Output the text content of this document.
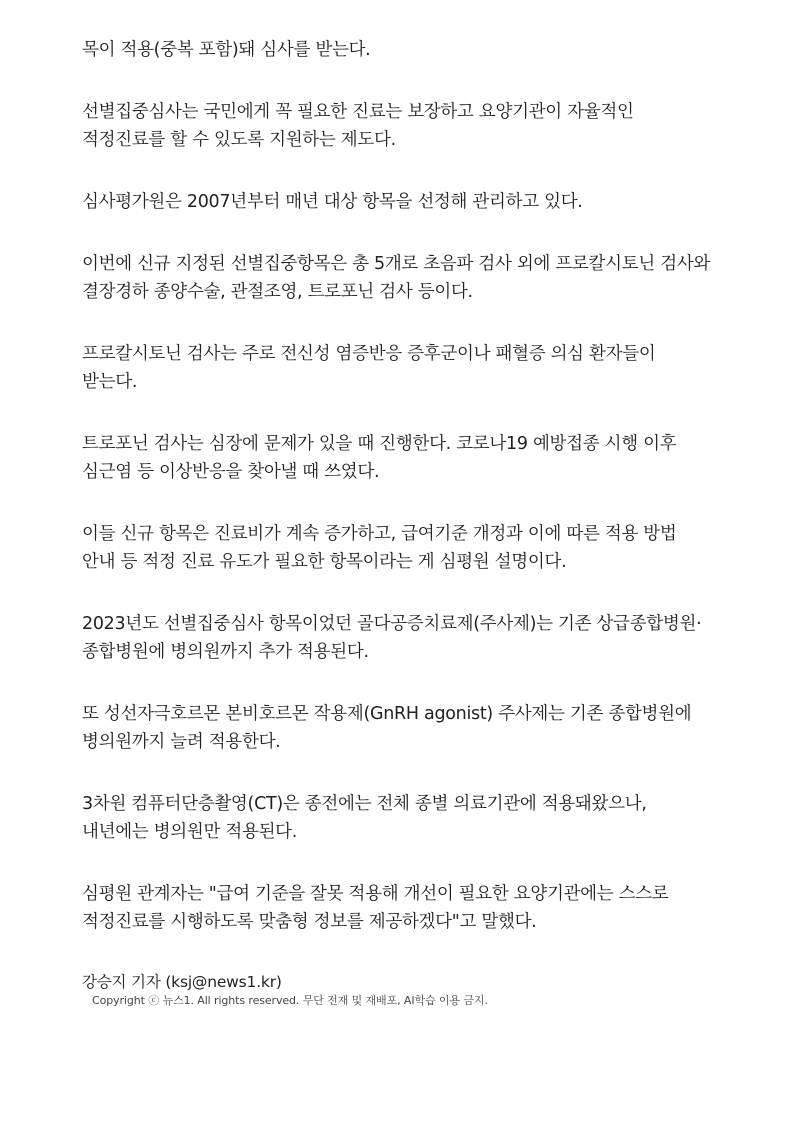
목이 적용(중복 포함)돼 심사를 받는다.

선별집중심사는 국민에게 꼭 필요한 진료는 보장하고 요양기관이 자율적인 적정진료를 할 수 있도록 지원하는 제도다.

심사평가원은 2007년부터 매년 대상 항목을 선정해 관리하고 있다.

이번에 신규 지정된 선별집중항목은 총 5개로 초음파 검사 외에 프로칼시토닌 검사와 결장경하 종양수술, 관절조영, 트로포닌 검사 등이다.

프로칼시토닌 검사는 주로 전신성 염증반응 증후군이나 패혈증 의심 환자들이 받는다.

트로포닌 검사는 심장에 문제가 있을 때 진행한다. 코로나19 예방접종 시행 이후 심근염 등 이상반응을 찾아낼 때 쓰였다.

이들 신규 항목은 진료비가 계속 증가하고, 급여기준 개정과 이에 따른 적용 방법 안내 등 적정 진료 유도가 필요한 항목이라는 게 심평원 설명이다.

2023년도 선별집중심사 항목이었던 골다공증치료제(주사제)는 기존 상급종합병원·종합병원에 병의원까지 추가 적용된다.

또 성선자극호르몬 본비호르몬 작용제(GnRH agonist) 주사제는 기존 종합병원에 병의원까지 늘려 적용한다.

3차원 컴퓨터단층촬영(CT)은 종전에는 전체 종별 의료기관에 적용돼왔으나, 내년에는 병의원만 적용된다.

심평원 관계자는 "급여 기준을 잘못 적용해 개선이 필요한 요양기관에는 스스로 적정진료를 시행하도록 맞춤형 정보를 제공하겠다"고 말했다.

강승지 기자 (ksj@news1.kr)
Copyright ⓒ 뉴스1. All rights reserved. 무단 전재 및 재배포, AI학습 이용 금지.
